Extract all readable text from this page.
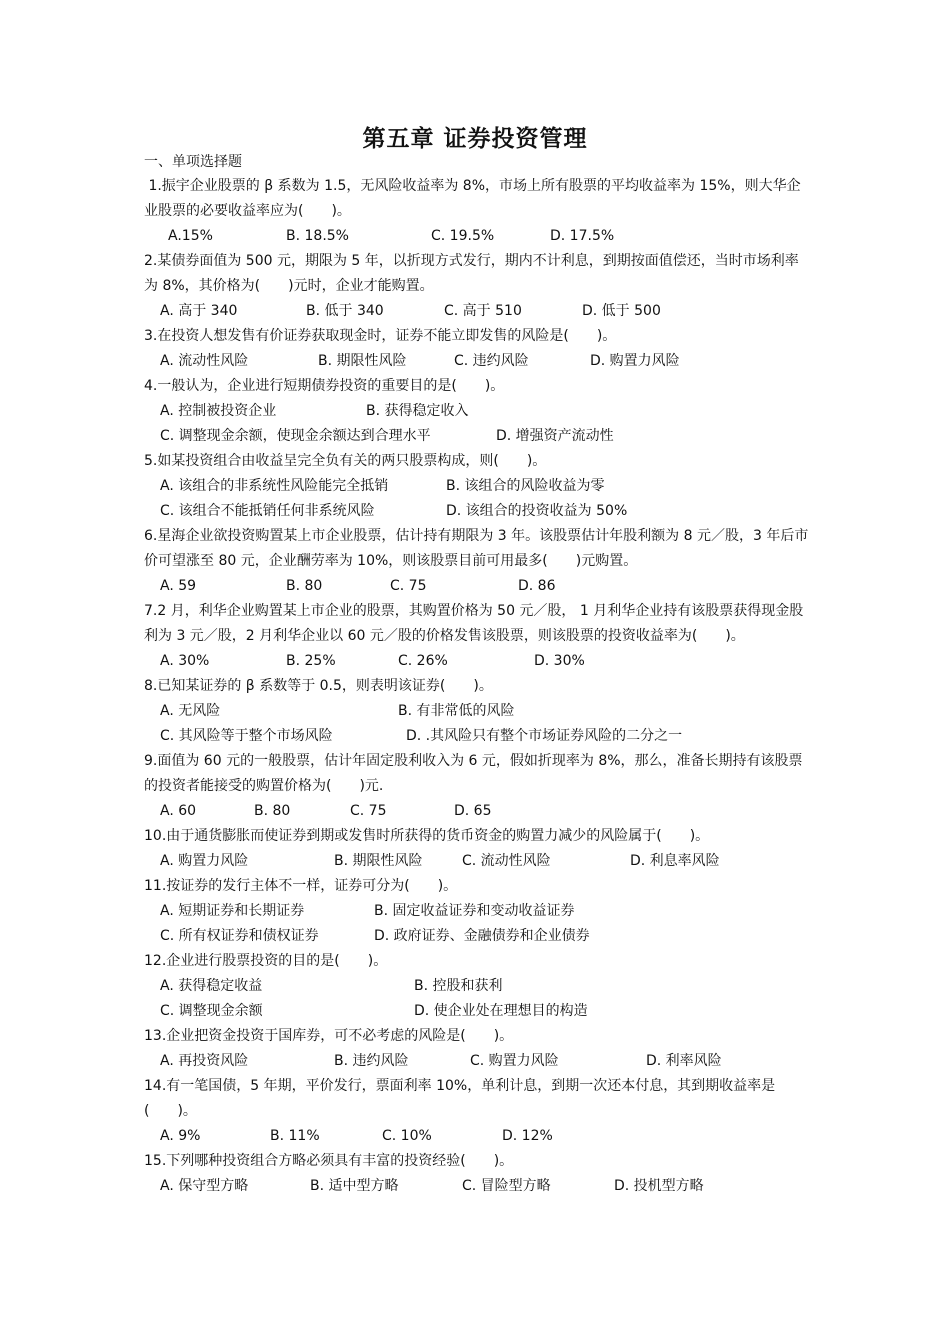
第五章 证券投资管理
一、单项选择题

1.振宇企业股票的 β 系数为 1.5，无风险收益率为 8%，市场上所有股票的平均收益率为 15%，则大华企业股票的必要收益率应为(　　)。

A.15%	B. 18.5%	C. 19.5%	D. 17.5%

2.某债券面值为 500 元，期限为 5 年，以折现方式发行，期内不计利息，到期按面值偿还，当时市场利率为 8%，其价格为(　　)元时，企业才能购置。

A. 高于 340	B. 低于 340	C. 高于 510	D. 低于 500

3.在投资人想发售有价证券获取现金时，证券不能立即发售的风险是(　　)。

A. 流动性风险	B. 期限性风险	C. 违约风险	D. 购置力风险

4.一般认为，企业进行短期债券投资的重要目的是(　　)。

A. 控制被投资企业	B. 获得稳定收入
C. 调整现金余额，使现金余额达到合理水平	D. 增强资产流动性

5.如某投资组合由收益呈完全负有关的两只股票构成，则(　　)。

A. 该组合的非系统性风险能完全抵销	B. 该组合的风险收益为零
C. 该组合不能抵销任何非系统风险	D. 该组合的投资收益为 50%

6.星海企业欲投资购置某上市企业股票，估计持有期限为 3 年。该股票估计年股利额为 8 元／股，3 年后市价可望涨至 80 元，企业酬劳率为 10%，则该股票目前可用最多(　　)元购置。

A. 59	B. 80	C. 75	D. 86

7.2 月，利华企业购置某上市企业的股票，其购置价格为 50 元／股， 1 月利华企业持有该股票获得现金股利为 3 元／股，2 月利华企业以 60 元／股的价格发售该股票，则该股票的投资收益率为(　　)。

A. 30%	B. 25%	C. 26%	D. 30%

8.已知某证券的 β 系数等于 0.5，则表明该证券(　　)。

A. 无风险	B. 有非常低的风险
C. 其风险等于整个市场风险	D. .其风险只有整个市场证券风险的二分之一

9.面值为 60 元的一般股票，估计年固定股利收入为 6 元，假如折现率为 8%，那么，准备长期持有该股票的投资者能接受的购置价格为(　　)元.

A. 60	B. 80	C. 75	D. 65

10.由于通货膨胀而使证券到期或发售时所获得的货币资金的购置力减少的风险属于(　　)。

A. 购置力风险	B. 期限性风险	C. 流动性风险	D. 利息率风险

11.按证券的发行主体不一样，证券可分为(　　)。

A. 短期证券和长期证券	B. 固定收益证券和变动收益证券
C. 所有权证券和债权证券	D. 政府证券、金融债券和企业债券

12.企业进行股票投资的目的是(　　)。

A. 获得稳定收益	B. 控股和获利
C. 调整现金余额	D. 使企业处在理想目的构造

13.企业把资金投资于国库券，可不必考虑的风险是(　　)。

A. 再投资风险	B. 违约风险	C. 购置力风险	D. 利率风险

14.有一笔国债，5 年期，平价发行，票面利率 10%，单利计息，到期一次还本付息，其到期收益率是(　　)。

A. 9%	B. 11%	C. 10%	D. 12%

15.下列哪种投资组合方略必须具有丰富的投资经验(　　)。

A. 保守型方略	B. 适中型方略	C. 冒险型方略	D. 投机型方略
